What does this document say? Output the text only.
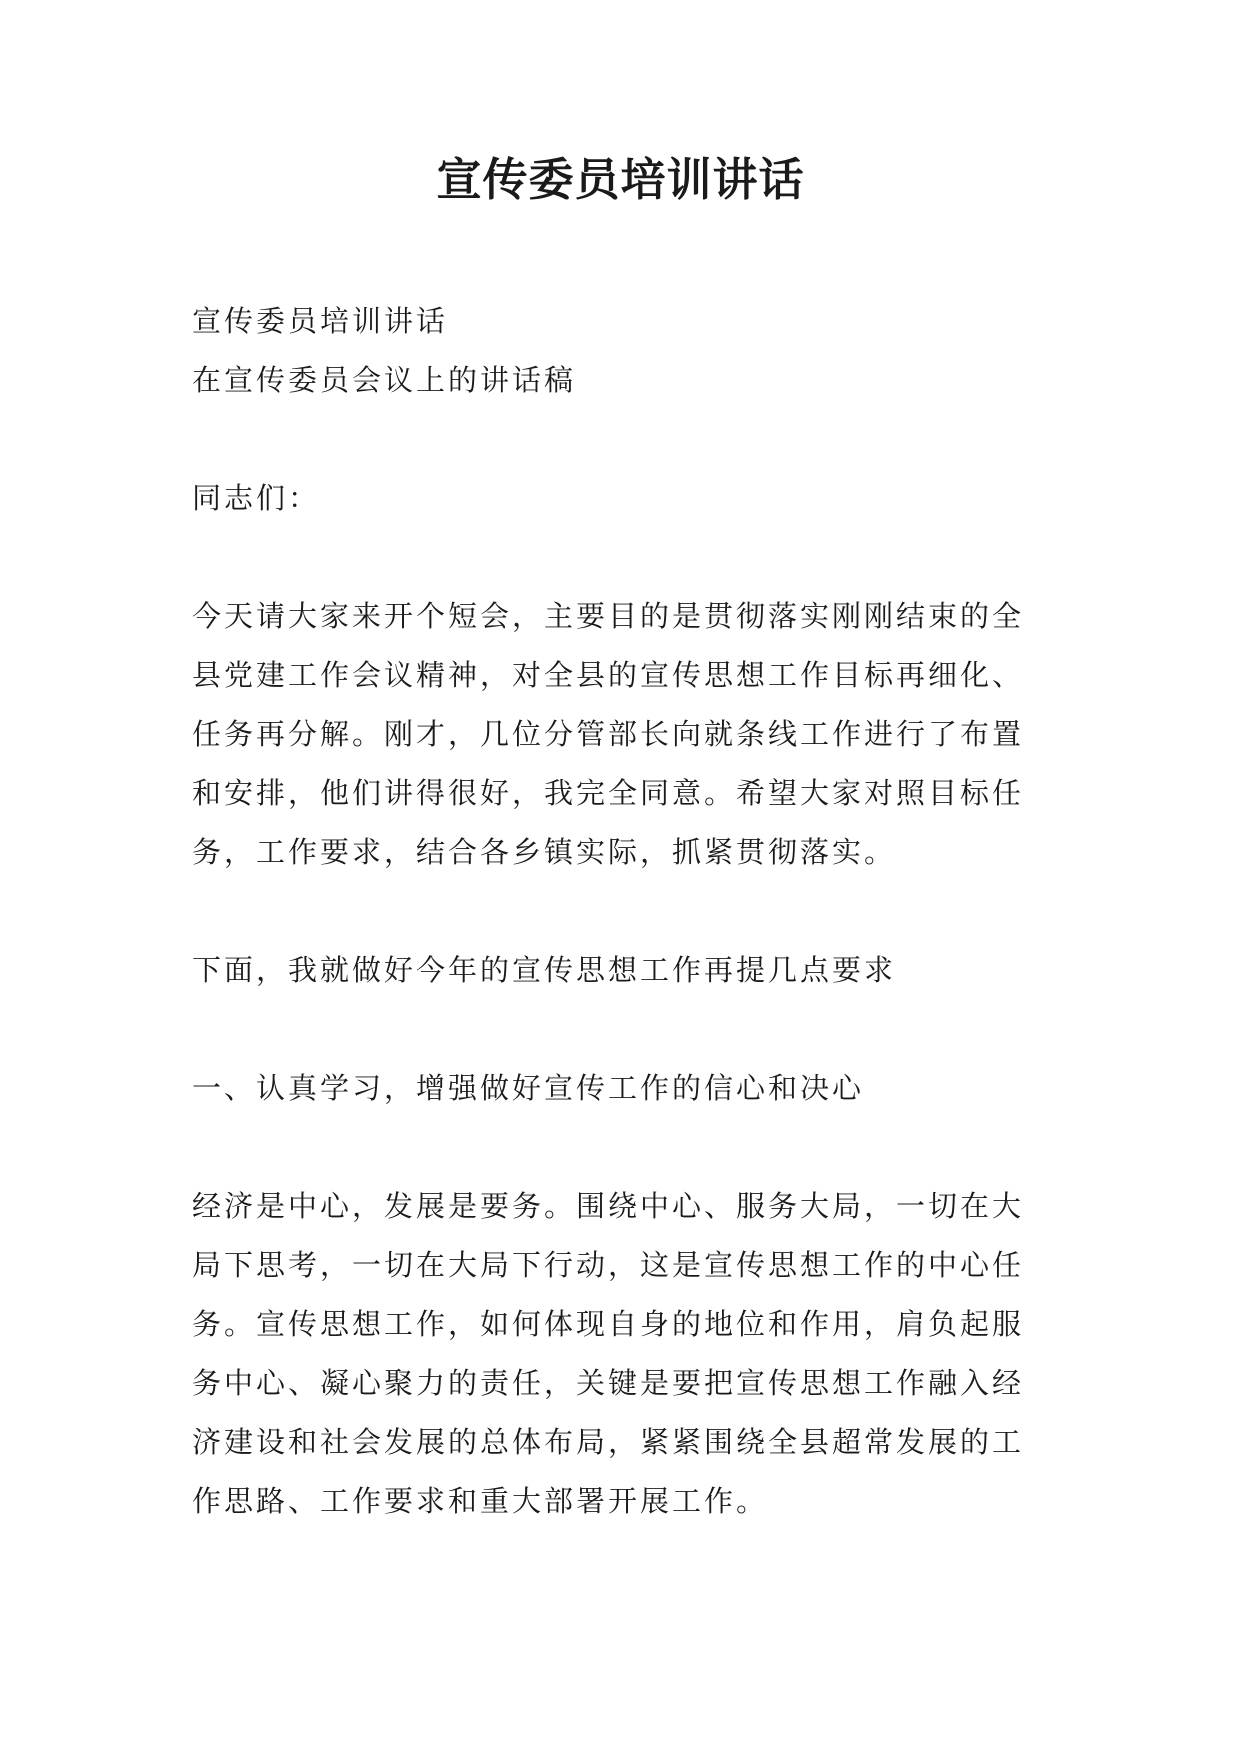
宣传委员培训讲话

宣传委员培训讲话

在宣传委员会议上的讲话稿

同志们：

今天请大家来开个短会，主要目的是贯彻落实刚刚结束的全

县党建工作会议精神，对全县的宣传思想工作目标再细化、

任务再分解。刚才，几位分管部长向就条线工作进行了布置

和安排，他们讲得很好，我完全同意。希望大家对照目标任

务，工作要求，结合各乡镇实际，抓紧贯彻落实。

下面，我就做好今年的宣传思想工作再提几点要求

一、认真学习，增强做好宣传工作的信心和决心

经济是中心，发展是要务。围绕中心、服务大局，一切在大

局下思考，一切在大局下行动，这是宣传思想工作的中心任

务。宣传思想工作，如何体现自身的地位和作用，肩负起服

务中心、凝心聚力的责任，关键是要把宣传思想工作融入经

济建设和社会发展的总体布局，紧紧围绕全县超常发展的工

作思路、工作要求和重大部署开展工作。
